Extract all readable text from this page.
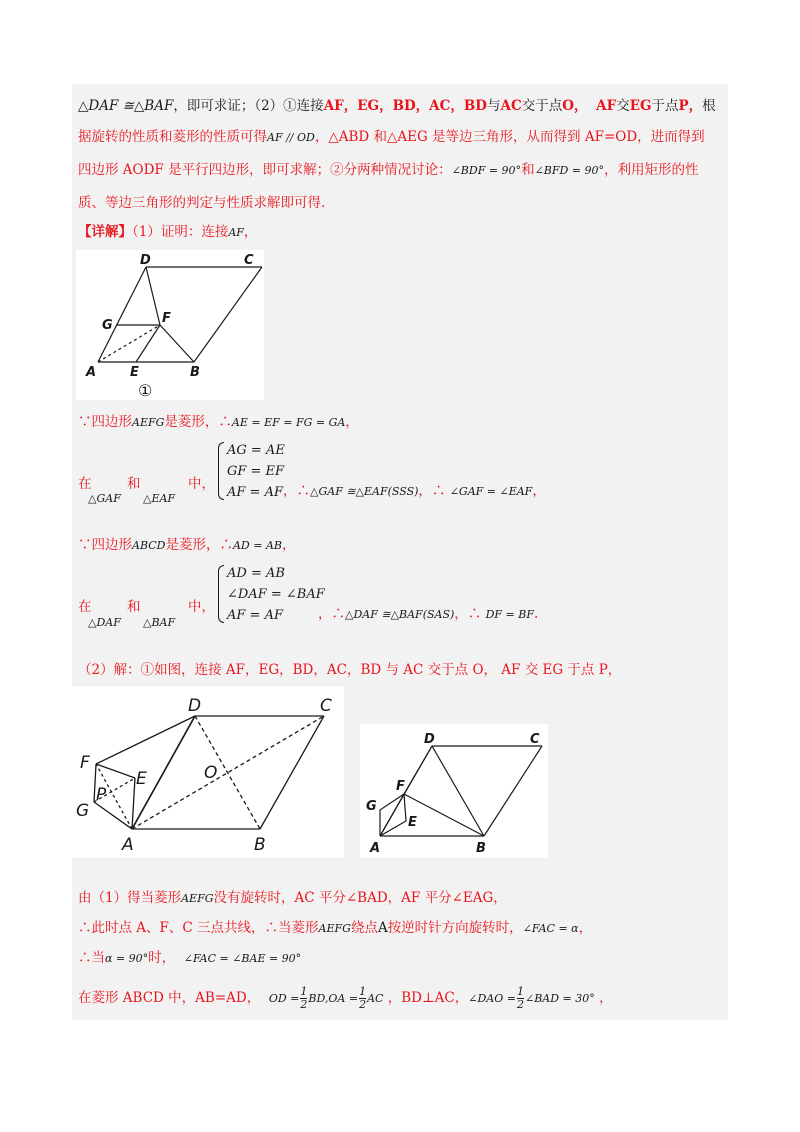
△DAF ≅△BAF，即可求证；（2）①连接AF，EG，BD，AC，BD与AC交于点O， AF交EG于点P，根
据旋转的性质和菱形的性质可得AF // OD，△ABD 和△AEG 是等边三角形，从而得到 AF=OD，进而得到
四边形 AODF 是平行四边形，即可求解；②分两种情况讨论：∠BDF = 90°和∠BFD = 90°，利用矩形的性
质、等边三角形的判定与性质求解即可得.
【详解】（1）证明：连接AF，
D	C
G	F
A	E	B
①
∵四边形AEFG是菱形，∴AE = EF = FG = GA，
在	和	中，
△GAF △EAF
AG = AE
GF = EF
AF = AF ，∴△GAF ≅△EAF(SSS)，∴ ∠GAF = ∠EAF，
∵四边形ABCD是菱形，∴AD = AB，
在	和	中，
△DAF △BAF
AD = AB
∠DAF = ∠BAF
AF = AF	，∴△DAF ≅△BAF(SAS)，∴ DF = BF.
（2）解：①如图，连接 AF，EG，BD，AC，BD 与 AC 交于点 O， AF 交 EG 于点 P，
D	C
F
E	O
P
G
A	B
D	C
F
G
E
A	B
由（1）得当菱形AEFG没有旋转时，AC 平分∠BAD，AF 平分∠EAG，
∴此时点 A、F、C 三点共线，∴当菱形AEFG绕点A按逆时针方向旋转时，∠FAC = α，
∴当α = 90°时， ∠FAC = ∠BAE = 90°
在菱形 ABCD 中，AB=AD， OD = $\frac{1}{2} BD,OA = \frac{1}{2}$ AC ，BD⊥AC，∠DAO = $\frac{1}{2}$ ∠BAD = 30° ，
